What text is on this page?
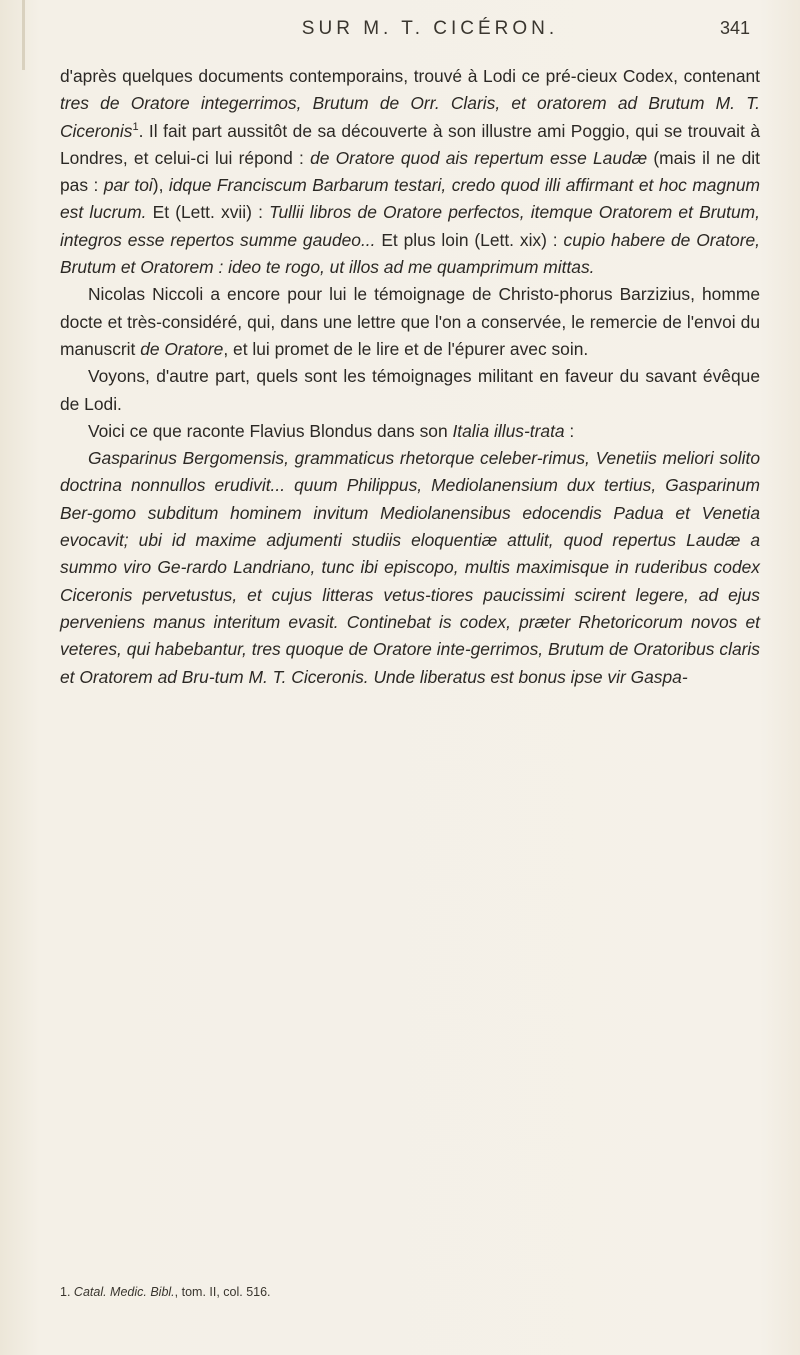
SUR M. T. CICÉRON.	341

d'après quelques documents contemporains, trouvé à Lodi ce pré-cieux Codex, contenant tres de Oratore integerrimos, Brutum de Orr. Claris, et oratorem ad Brutum M. T. Ciceronis$^1$. Il fait part aussitôt de sa découverte à son illustre ami Poggio, qui se trouvait à Londres, et celui-ci lui répond : de Oratore quod ais repertum esse Laudæ (mais il ne dit pas : par toi), idque Franciscum Barbarum testari, credo quod illi affirmant et hoc magnum est lucrum. Et (Lett. xvii) : Tullii libros de Oratore perfectos, itemque Oratorem et Brutum, integros esse repertos summe gaudeo... Et plus loin (Lett. xix) : cupio habere de Oratore, Brutum et Oratorem : ideo te rogo, ut illos ad me quamprimum mittas.

Nicolas Niccoli a encore pour lui le témoignage de Christo-phorus Barzizius, homme docte et très-considéré, qui, dans une lettre que l'on a conservée, le remercie de l'envoi du manuscrit de Oratore, et lui promet de le lire et de l'épurer avec soin.

Voyons, d'autre part, quels sont les témoignages militant en faveur du savant évêque de Lodi.

Voici ce que raconte Flavius Blondus dans son Italia illus-trata :

Gasparinus Bergomensis, grammaticus rhetorque celeber-rimus, Venetiis meliori solito doctrina nonnullos erudivit... quum Philippus, Mediolanensium dux tertius, Gasparinum Ber-gomo subditum hominem invitum Mediolanensibus edocendis Padua et Venetia evocavit; ubi id maxime adjumenti studiis eloquentiæ attulit, quod repertus Laudæ a summo viro Ge-rardo Landriano, tunc ibi episcopo, multis maximisque in ruderibus codex Ciceronis pervetustus, et cujus litteras vetus-tiores paucissimi scirent legere, ad ejus perveniens manus interitum evasit. Continebat is codex, præter Rhetoricorum novos et veteres, qui habebantur, tres quoque de Oratore inte-gerrimos, Brutum de Oratoribus claris et Oratorem ad Bru-tum M. T. Ciceronis. Unde liberatus est bonus ipse vir Gaspa-

1. Catal. Medic. Bibl., tom. II, col. 516.
